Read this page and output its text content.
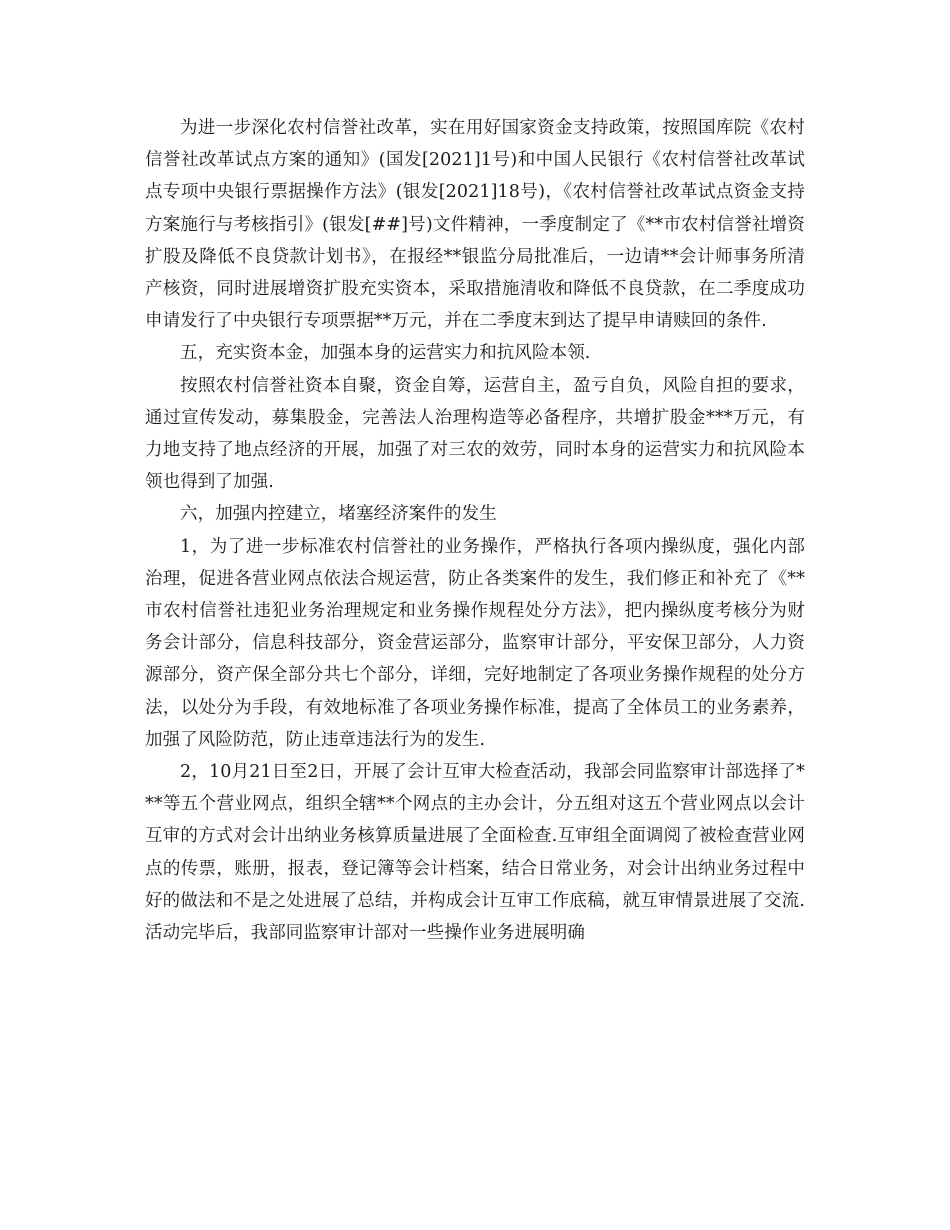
为进一步深化农村信誉社改革，实在用好国家资金支持政策，按照国库院《农村信誉社改革试点方案的通知》(国发[2021]1号)和中国人民银行《农村信誉社改革试点专项中央银行票据操作方法》(银发[2021]18号)，《农村信誉社改革试点资金支持方案施行与考核指引》(银发[##]号)文件精神，一季度制定了《**市农村信誉社增资扩股及降低不良贷款计划书》，在报经**银监分局批准后，一边请**会计师事务所清产核资，同时进展增资扩股充实资本，采取措施清收和降低不良贷款，在二季度成功申请发行了中央银行专项票据**万元，并在二季度末到达了提早申请赎回的条件.

五，充实资本金，加强本身的运营实力和抗风险本领.

按照农村信誉社资本自聚，资金自筹，运营自主，盈亏自负，风险自担的要求，通过宣传发动，募集股金，完善法人治理构造等必备程序，共增扩股金***万元，有力地支持了地点经济的开展，加强了对三农的效劳，同时本身的运营实力和抗风险本领也得到了加强.

六，加强内控建立，堵塞经济案件的发生

1，为了进一步标准农村信誉社的业务操作，严格执行各项内操纵度，强化内部治理，促进各营业网点依法合规运营，防止各类案件的发生，我们修正和补充了《**市农村信誉社违犯业务治理规定和业务操作规程处分方法》，把内操纵度考核分为财务会计部分，信息科技部分，资金营运部分，监察审计部分，平安保卫部分，人力资源部分，资产保全部分共七个部分，详细，完好地制定了各项业务操作规程的处分方法，以处分为手段，有效地标准了各项业务操作标准，提高了全体员工的业务素养，加强了风险防范，防止违章违法行为的发生.

2，10月21日至2日，开展了会计互审大检查活动，我部会同监察审计部选择了***等五个营业网点，组织全辖**个网点的主办会计，分五组对这五个营业网点以会计互审的方式对会计出纳业务核算质量进展了全面检查.互审组全面调阅了被检查营业网点的传票，账册，报表，登记簿等会计档案，结合日常业务，对会计出纳业务过程中好的做法和不是之处进展了总结，并构成会计互审工作底稿，就互审情景进展了交流.活动完毕后，我部同监察审计部对一些操作业务进展明确
